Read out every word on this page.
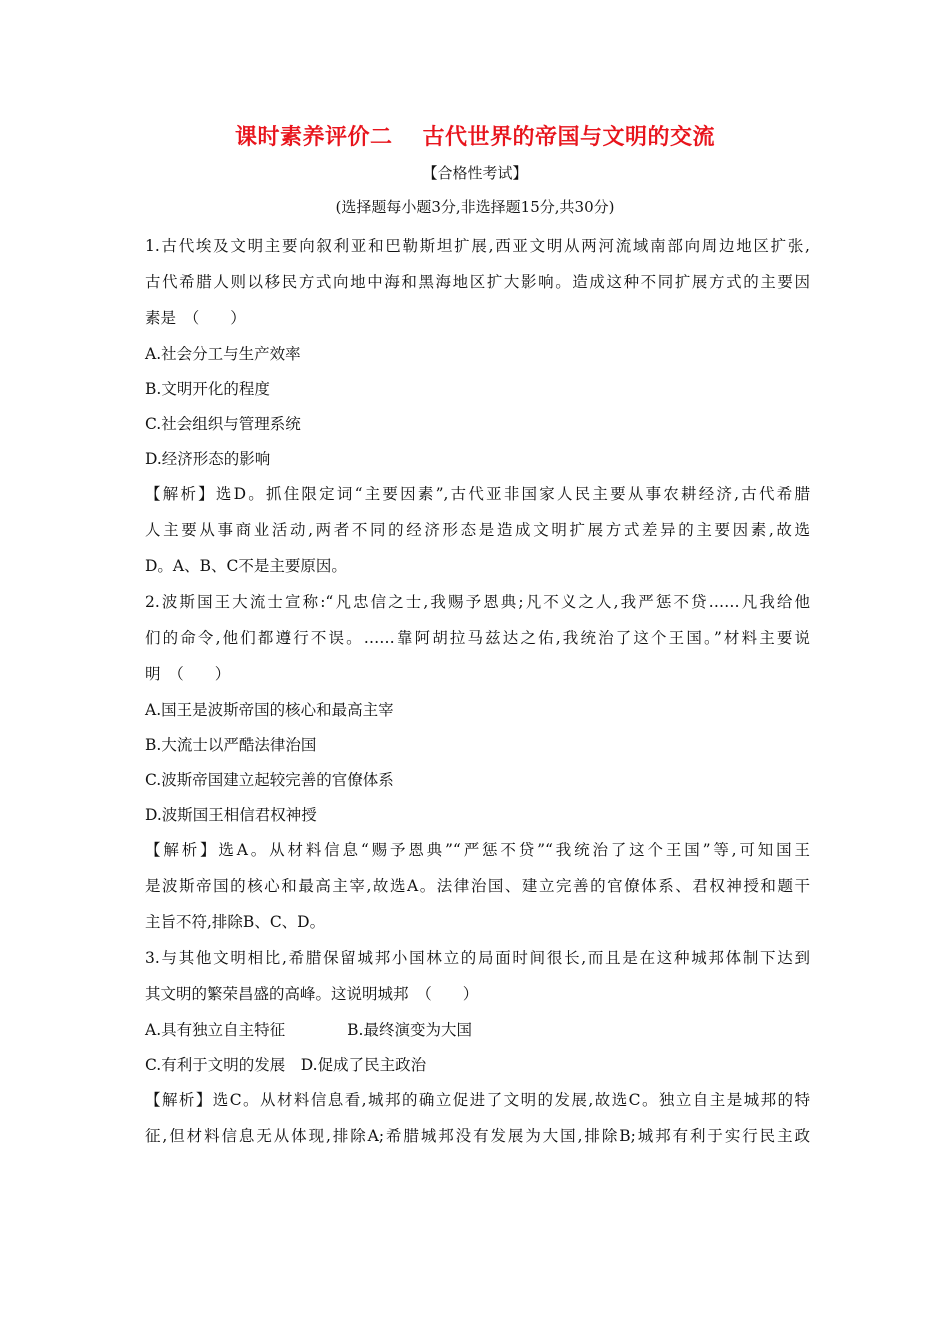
课时素养评价二 古代世界的帝国与文明的交流
【合格性考试】
(选择题每小题3分,非选择题15分,共30分)
1.古代埃及文明主要向叙利亚和巴勒斯坦扩展,西亚文明从两河流域南部向周边地区扩张,
古代希腊人则以移民方式向地中海和黑海地区扩大影响。造成这种不同扩展方式的主要因
素是　（　　）
A.社会分工与生产效率
B.文明开化的程度
C.社会组织与管理系统
D.经济形态的影响
【解析】选D。抓住限定词“主要因素”,古代亚非国家人民主要从事农耕经济,古代希腊
人主要从事商业活动,两者不同的经济形态是造成文明扩展方式差异的主要因素,故选
D。A、B、C不是主要原因。
2.波斯国王大流士宣称:“凡忠信之士,我赐予恩典;凡不义之人,我严惩不贷……凡我给他
们的命令,他们都遵行不误。……靠阿胡拉马兹达之佑,我统治了这个王国。”材料主要说
明　（　　）
A.国王是波斯帝国的核心和最高主宰
B.大流士以严酷法律治国
C.波斯帝国建立起较完善的官僚体系
D.波斯国王相信君权神授
【解析】选A。从材料信息“赐予恩典”“严惩不贷”“我统治了这个王国”等,可知国王
是波斯帝国的核心和最高主宰,故选A。法律治国、建立完善的官僚体系、君权神授和题干
主旨不符,排除B、C、D。
3.与其他文明相比,希腊保留城邦小国林立的局面时间很长,而且是在这种城邦体制下达到
其文明的繁荣昌盛的高峰。这说明城邦　（　　）
A.具有独立自主特征	B.最终演变为大国
C.有利于文明的发展　 D.促成了民主政治
【解析】选C。从材料信息看,城邦的确立促进了文明的发展,故选C。独立自主是城邦的特
征,但材料信息无从体现,排除A;希腊城邦没有发展为大国,排除B;城邦有利于实行民主政
